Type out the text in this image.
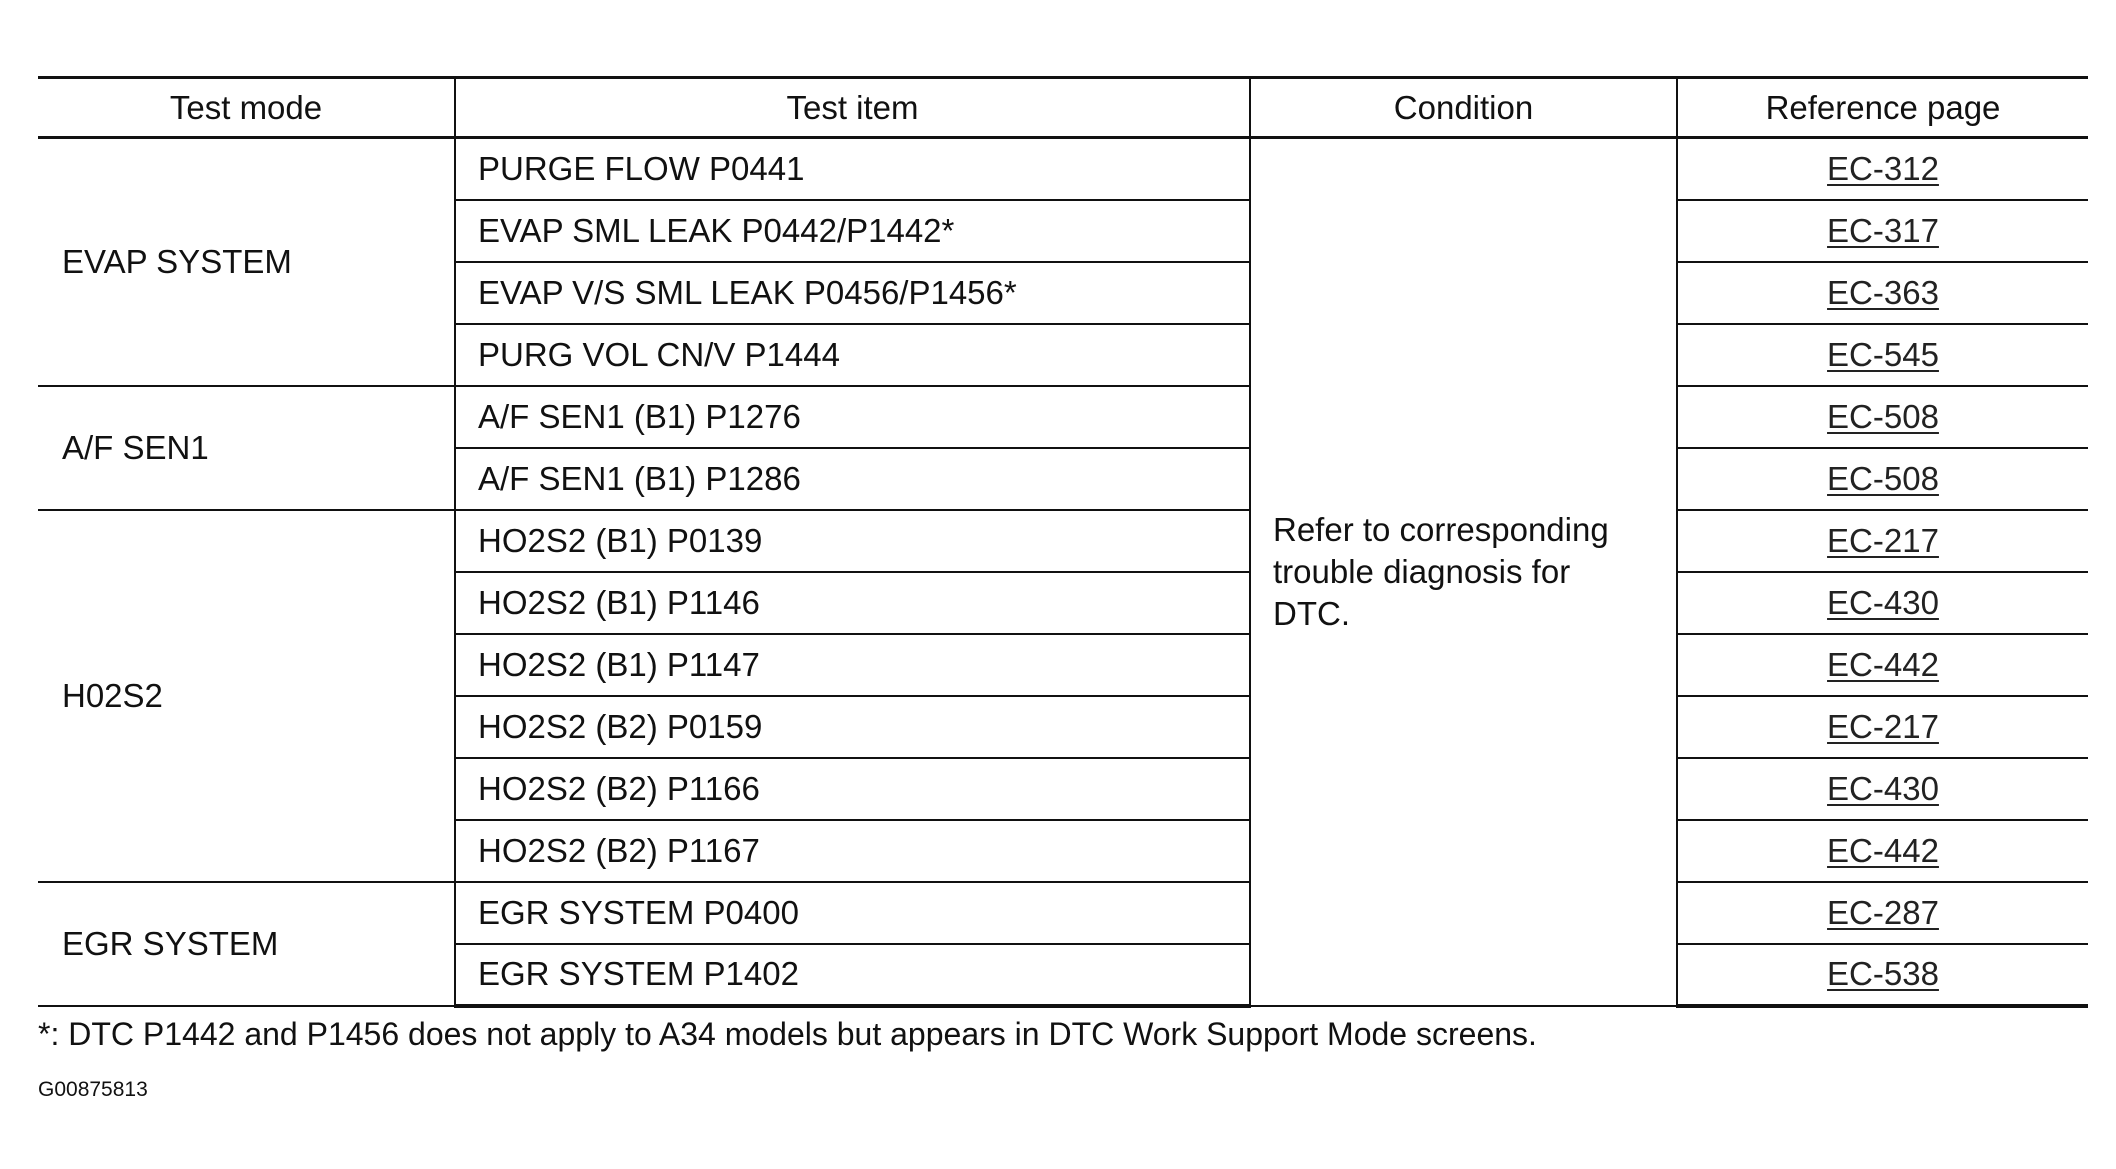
Test mode	Test item	Condition	Reference page
EVAP SYSTEM	PURGE FLOW P0441	Refer to corresponding trouble diagnosis for DTC.	EC-312
	EVAP SML LEAK P0442/P1442*		EC-317
	EVAP V/S SML LEAK P0456/P1456*		EC-363
	PURG VOL CN/V P1444		EC-545
A/F SEN1	A/F SEN1 (B1) P1276		EC-508
	A/F SEN1 (B1) P1286		EC-508
H02S2	HO2S2 (B1) P0139		EC-217
	HO2S2 (B1) P1146		EC-430
	HO2S2 (B1) P1147		EC-442
	HO2S2 (B2) P0159		EC-217
	HO2S2 (B2) P1166		EC-430
	HO2S2 (B2) P1167		EC-442
EGR SYSTEM	EGR SYSTEM P0400		EC-287
	EGR SYSTEM P1402		EC-538
*: DTC P1442 and P1456 does not apply to A34 models but appears in DTC Work Support Mode screens.
G00875813
